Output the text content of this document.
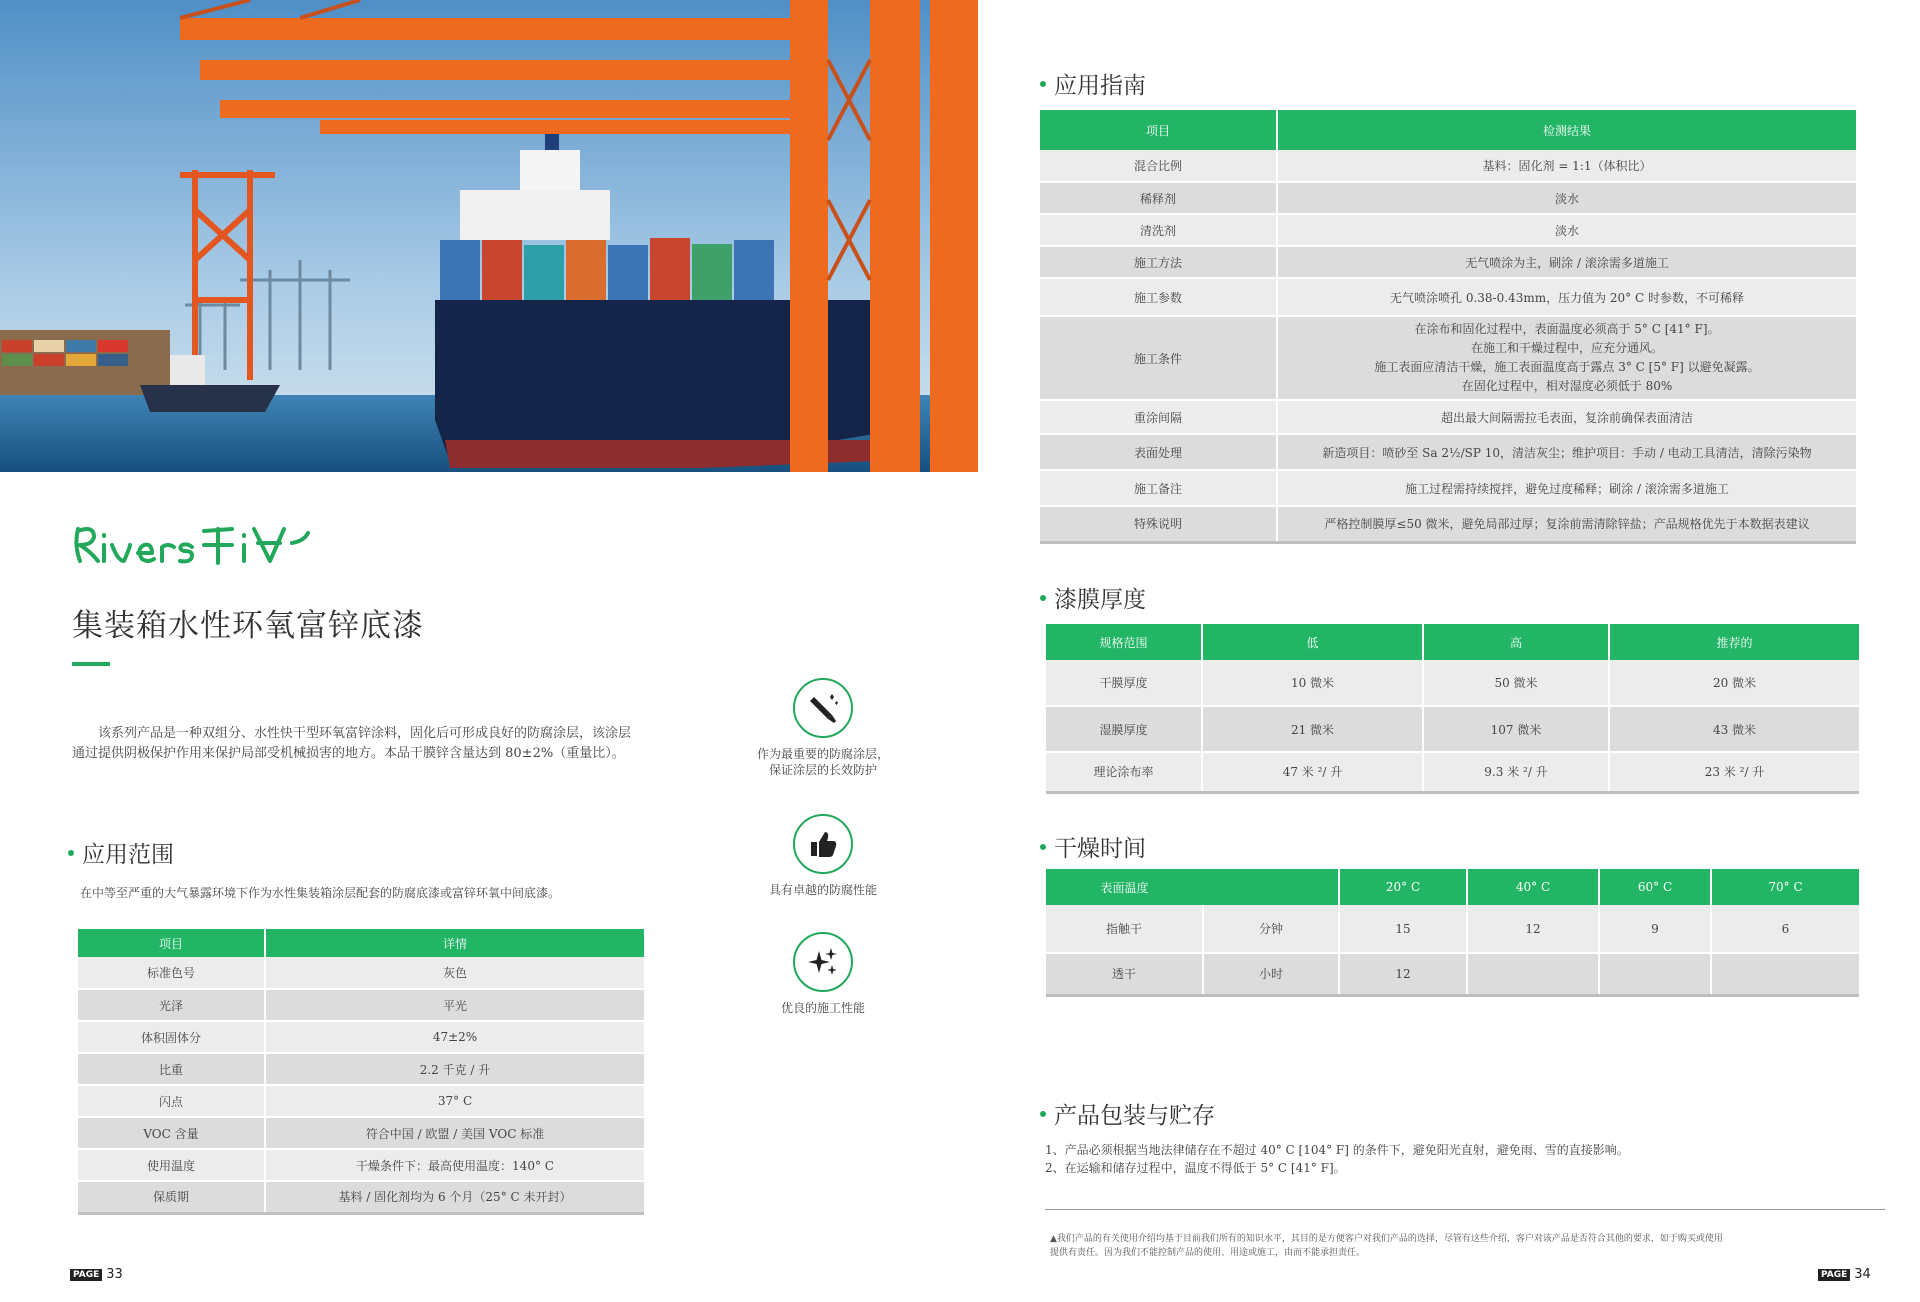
集装箱水性环氧富锌底漆

该系列产品是一种双组分、水性快干型环氧富锌涂料，固化后可形成良好的防腐涂层，该涂层通过提供阴极保护作用来保护局部受机械损害的地方。本品干膜锌含量达到 80±2%（重量比）。

应用范围
在中等至严重的大气暴露环境下作为水性集装箱涂层配套的防腐底漆或富锌环氧中间底漆。
项目	详情
标准色号	灰色
光泽	平光
体积固体分	47±2%
比重	2.2 千克 / 升
闪点	37° C
VOC 含量	符合中国 / 欧盟 / 美国 VOC 标准
使用温度	干燥条件下：最高使用温度：140° C
保质期	基料 / 固化剂均为 6 个月（25° C 未开封）
作为最重要的防腐涂层，
保证涂层的长效防护
具有卓越的防腐性能
优良的施工性能
PAGE 33
应用指南
项目	检测结果
混合比例	基料：固化剂 = 1:1（体积比）
稀释剂	淡水
清洗剂	淡水
施工方法	无气喷涂为主，刷涂 / 滚涂需多道施工
施工参数	无气喷涂喷孔 0.38-0.43mm，压力值为 20° C 时参数，不可稀释
施工条件	在涂布和固化过程中，表面温度必须高于 5° C [41° F]。
在施工和干燥过程中，应充分通风。
施工表面应清洁干燥，施工表面温度高于露点 3° C [5° F] 以避免凝露。
在固化过程中，相对湿度必须低于 80%

重涂间隔	超出最大间隔需拉毛表面，复涂前确保表面清洁
表面处理	新造项目：喷砂至 Sa 2½/SP 10，清洁灰尘；维护项目：手动 / 电动工具清洁，清除污染物
施工备注	施工过程需持续搅拌，避免过度稀释；刷涂 / 滚涂需多道施工
特殊说明	严格控制膜厚≤50 微米，避免局部过厚；复涂前需清除锌盐；产品规格优先于本数据表建议
漆膜厚度
规格范围	低	高	推荐的
干膜厚度	10 微米	50 微米	20 微米
湿膜厚度	21 微米	107 微米	43 微米
理论涂布率	47 米 ²/ 升	9.3 米 ²/ 升	23 米 ²/ 升
干燥时间
表面温度		20° C	40° C	60° C	70° C
指触干	分钟	15	12	9	6
透干	小时	12			
产品包装与贮存
1、产品必须根据当地法律储存在不超过 40° C [104° F] 的条件下，避免阳光直射，避免雨、雪的直接影响。
2、在运输和储存过程中，温度不得低于 5° C [41° F]。

▲我们产品的有关使用介绍均基于目前我们所有的知识水平，其目的是方便客户对我们产品的选择，尽管有这些介绍，客户对该产品是否符合其他的要求，如于购买或使用提供有责任。因为我们不能控制产品的使用、用途或施工，由而不能承担责任。

PAGE 34
